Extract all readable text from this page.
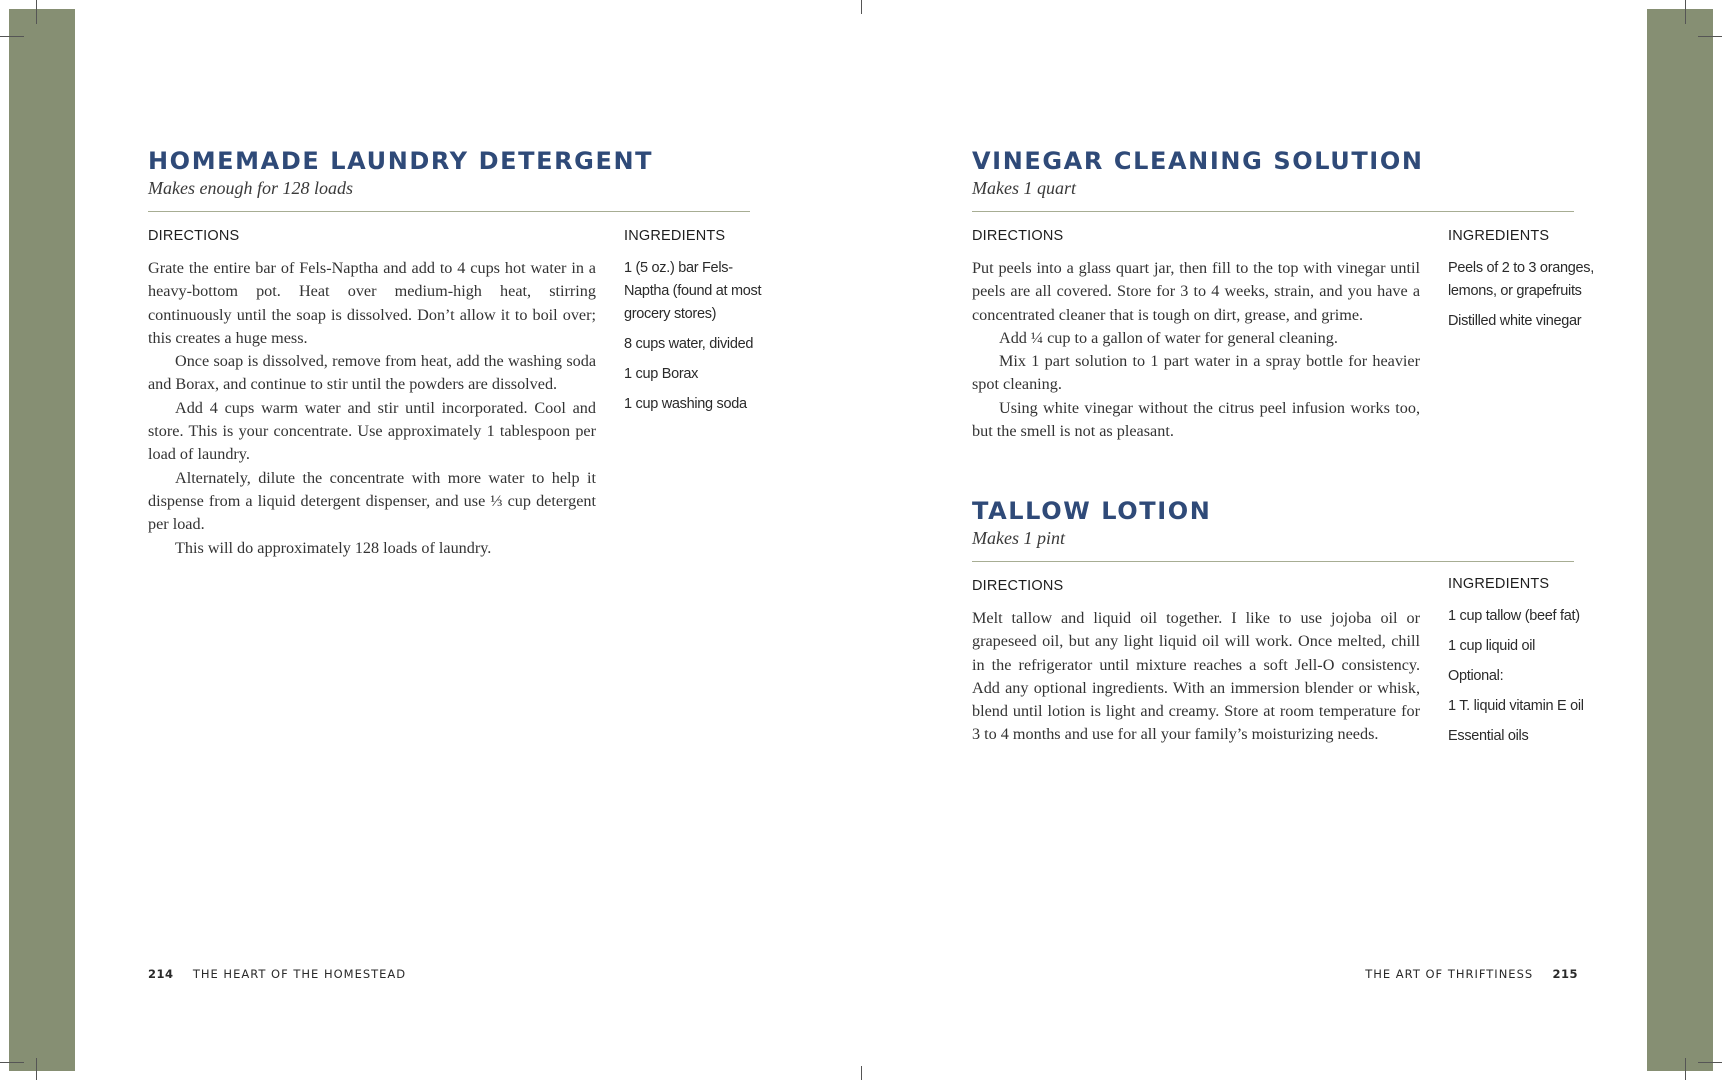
HOMEMADE LAUNDRY DETERGENT
Makes enough for 128 loads
DIRECTIONS	INGREDIENTS

Grate the entire bar of Fels-Naptha and add to 4 cups hot water in a heavy-bottom pot. Heat over medium-high heat, stirring continuously until the soap is dissolved. Don’t allow it to boil over; this creates a huge mess.

Once soap is dissolved, remove from heat, add the washing soda and Borax, and continue to stir until the powders are dissolved.

Add 4 cups warm water and stir until incorporated. Cool and store. This is your concentrate. Use approximately 1 tablespoon per load of laundry.

Alternately, dilute the concentrate with more water to help it dispense from a liquid detergent dispenser, and use ⅓ cup detergent per load.

This will do approximately 128 loads of laundry.

1 (5 oz.) bar Fels-Naptha (found at most grocery stores)
8 cups water, divided
1 cup Borax
1 cup washing soda
214 THE HEART OF THE HOMESTEAD
VINEGAR CLEANING SOLUTION
Makes 1 quart
DIRECTIONS	INGREDIENTS

Put peels into a glass quart jar, then fill to the top with vinegar until peels are all covered. Store for 3 to 4 weeks, strain, and you have a concentrated cleaner that is tough on dirt, grease, and grime.

Add ¼ cup to a gallon of water for general cleaning.

Mix 1 part solution to 1 part water in a spray bottle for heavier spot cleaning.

Using white vinegar without the citrus peel infusion works too, but the smell is not as pleasant.

Peels of 2 to 3 oranges, lemons, or grapefruits
Distilled white vinegar
TALLOW LOTION
Makes 1 pint
DIRECTIONS	INGREDIENTS

Melt tallow and liquid oil together. I like to use jojoba oil or grapeseed oil, but any light liquid oil will work. Once melted, chill in the refrigerator until mixture reaches a soft Jell-O consistency. Add any optional ingredients. With an immersion blender or whisk, blend until lotion is light and creamy. Store at room temperature for 3 to 4 months and use for all your family’s moisturizing needs.

1 cup tallow (beef fat)
1 cup liquid oil
Optional:
1 T. liquid vitamin E oil
Essential oils
THE ART OF THRIFTINESS 215
